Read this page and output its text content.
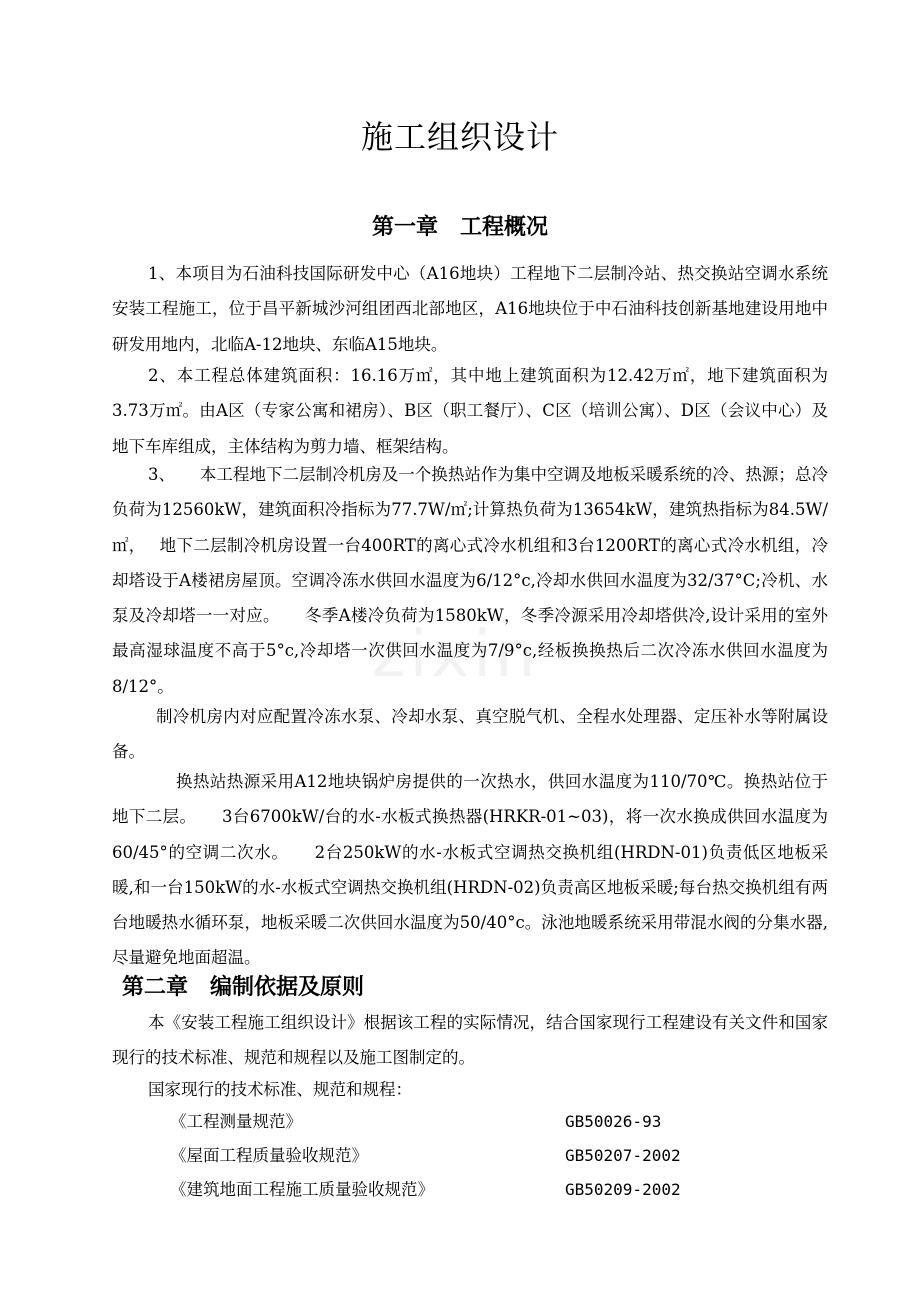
施工组织设计
第一章　工程概况

1、本项目为石油科技国际研发中心（A16地块）工程地下二层制冷站、热交换站空调水系统安装工程施工，位于昌平新城沙河组团西北部地区，A16地块位于中石油科技创新基地建设用地中研发用地内，北临A-12地块、东临A15地块。

2、本工程总体建筑面积：16.16万㎡，其中地上建筑面积为12.42万㎡，地下建筑面积为3.73万㎡。由A区（专家公寓和裙房）、B区（职工餐厅）、C区（培训公寓）、D区（会议中心）及地下车库组成，主体结构为剪力墙、框架结构。

3、　　本工程地下二层制冷机房及一个换热站作为集中空调及地板采暖系统的冷、热源；总冷负荷为12560kW，建筑面积冷指标为77.7W/㎡;计算热负荷为13654kW，建筑热指标为84.5W/㎡，　 地下二层制冷机房设置一台400RT的离心式冷水机组和3台1200RT的离心式冷水机组，冷却塔设于A楼裙房屋顶。空调冷冻水供回水温度为6/12°c,冷却水供回水温度为32/37°C;冷机、水泵及冷却塔一一对应。　　冬季A楼冷负荷为1580kW，冬季冷源采用冷却塔供冷,设计采用的室外最高湿球温度不高于5°c,冷却塔一次供回水温度为7/9°c,经板换换热后二次冷冻水供回水温度为8/12°。

制冷机房内对应配置冷冻水泵、冷却水泵、真空脱气机、全程水处理器、定压补水等附属设备。

换热站热源采用A12地块锅炉房提供的一次热水，供回水温度为110/70℃。换热站位于地下二层。　　3台6700kW/台的水-水板式换热器(HRKR-01~03)，将一次水换成供回水温度为60/45°的空调二次水。　　2台250kW的水-水板式空调热交换机组(HRDN-01)负责低区地板采暖,和一台150kW的水-水板式空调热交换机组(HRDN-02)负责高区地板采暖;每台热交换机组有两台地暖热水循环泵，地板采暖二次供回水温度为50/40°c。泳池地暖系统采用带混水阀的分集水器,尽量避免地面超温。

第二章　编制依据及原则

本《安装工程施工组织设计》根据该工程的实际情况，结合国家现行工程建设有关文件和国家现行的技术标准、规范和规程以及施工图制定的。

国家现行的技术标准、规范和规程：

《工程测量规范》	GB50026-93
《屋面工程质量验收规范》	GB50207-2002
《建筑地面工程施工质量验收规范》	GB50209-2002
zixin
